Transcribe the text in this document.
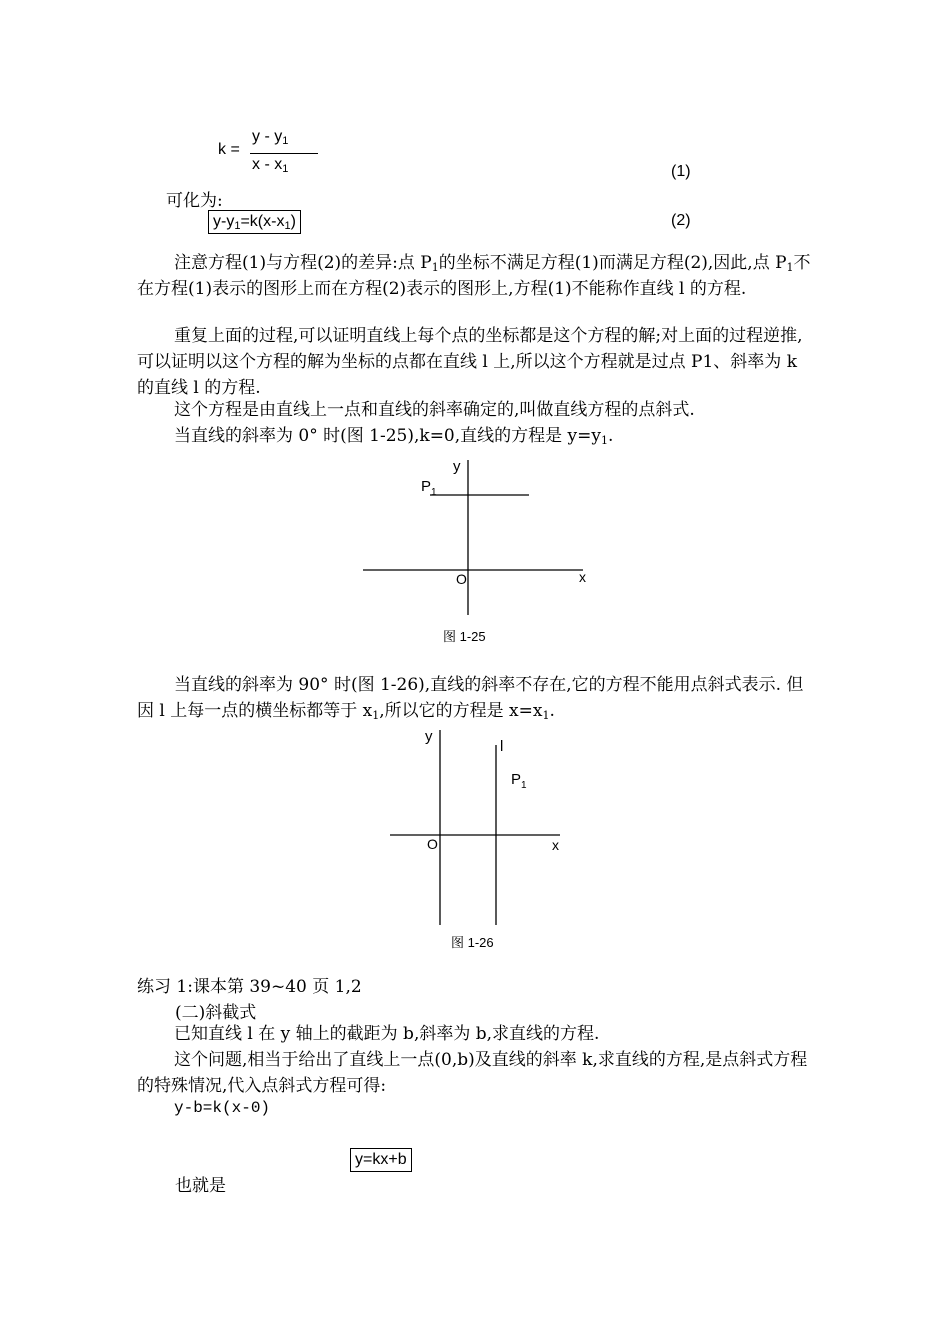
k =
y - $y_1$
x - $x_1$	(1)
可化为:
$y-y_1=k(x-x_1)$	(2)
注意方程(1)与方程(2)的差异:点 $P_1$的坐标不满足方程(1)而满足方程(2),因此,点 $P_1$不在方程(1)表示的图形上而在方程(2)表示的图形上,方程(1)不能称作直线 l 的方程.
重复上面的过程,可以证明直线上每个点的坐标都是这个方程的解;对上面的过程逆推,可以证明以这个方程的解为坐标的点都在直线 l 上,所以这个方程就是过点 P1、斜率为 k 的直线 l 的方程.
这个方程是由直线上一点和直线的斜率确定的,叫做直线方程的点斜式.
当直线的斜率为 0° 时(图 1-25),k=0,直线的方程是 $y=y_1$.
y
x
O
$P_1$
图 1-25
当直线的斜率为 90° 时(图 1-26),直线的斜率不存在,它的方程不能用点斜式表示. 但因 l 上每一点的横坐标都等于 $x_1$,所以它的方程是 $x=x_1$.
y
x
O
l
$P_1$
图 1-26
练习 1:课本第 39~40 页 1,2
(二)斜截式
已知直线 l 在 y 轴上的截距为 b,斜率为 b,求直线的方程.
这个问题,相当于给出了直线上一点(0,b)及直线的斜率 k,求直线的方程,是点斜式方程的特殊情况,代入点斜式方程可得:
y-b=k(x-0)
y=kx+b
也就是
